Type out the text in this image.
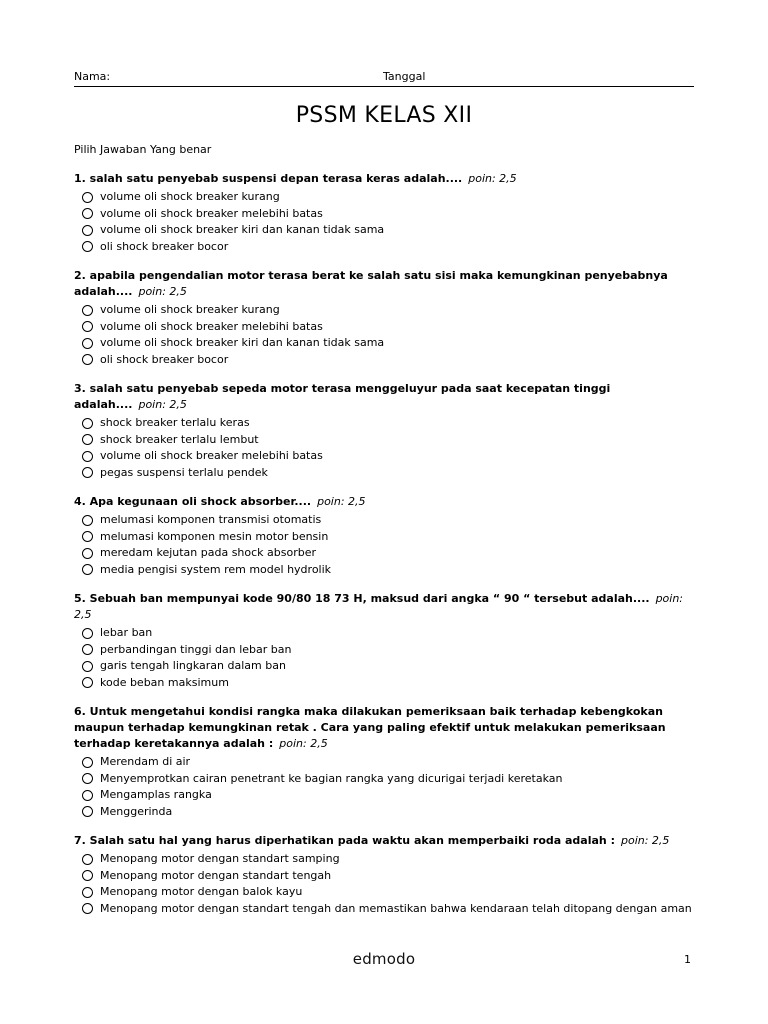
Nama:	Tanggal
PSSM KELAS XII
Pilih Jawaban Yang benar
1. salah satu penyebab suspensi depan terasa keras adalah.... poin: 2,5
volume oli shock breaker kurang
volume oli shock breaker melebihi batas
volume oli shock breaker kiri dan kanan tidak sama
oli shock breaker bocor
2. apabila pengendalian motor terasa berat ke salah satu sisi maka kemungkinan penyebabnya adalah.... poin: 2,5
volume oli shock breaker kurang
volume oli shock breaker melebihi batas
volume oli shock breaker kiri dan kanan tidak sama
oli shock breaker bocor
3. salah satu penyebab sepeda motor terasa menggeluyur pada saat kecepatan tinggi adalah.... poin: 2,5
shock breaker terlalu keras
shock breaker terlalu lembut
volume oli shock breaker melebihi batas
pegas suspensi terlalu pendek
4. Apa kegunaan oli shock absorber.... poin: 2,5
melumasi komponen transmisi otomatis
melumasi komponen mesin motor bensin
meredam kejutan pada shock absorber
media pengisi system rem model hydrolik
5. Sebuah ban mempunyai kode 90/80 18 73 H, maksud dari angka “ 90 “ tersebut adalah.... poin: 2,5
lebar ban
perbandingan tinggi dan lebar ban
garis tengah lingkaran dalam ban
kode beban maksimum
6. Untuk mengetahui kondisi rangka maka dilakukan pemeriksaan baik terhadap kebengkokan maupun terhadap kemungkinan retak . Cara yang paling efektif untuk melakukan pemeriksaan terhadap keretakannya adalah : poin: 2,5
Merendam di air
Menyemprotkan cairan penetrant ke bagian rangka yang dicurigai terjadi keretakan
Mengamplas rangka
Menggerinda
7. Salah satu hal yang harus diperhatikan pada waktu akan memperbaiki roda adalah : poin: 2,5
Menopang motor dengan standart samping
Menopang motor dengan standart tengah
Menopang motor dengan balok kayu
Menopang motor dengan standart tengah dan memastikan bahwa kendaraan telah ditopang dengan aman
edmodo	1
